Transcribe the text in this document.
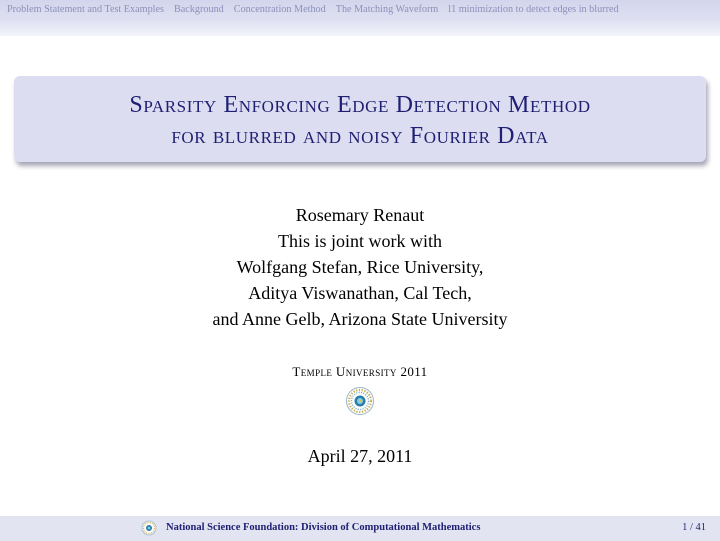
Problem Statement and Test Examples Background Concentration Method The Matching Waveform l1 minimization to detect edges in blurred
Sparsity Enforcing Edge Detection Method
for blurred and noisy Fourier Data
Rosemary Renaut
This is joint work with
Wolfgang Stefan, Rice University,
Aditya Viswanathan, Cal Tech,
and Anne Gelb, Arizona State University
Temple University 2011
April 27, 2011
National Science Foundation: Division of Computational Mathematics	1 / 41
